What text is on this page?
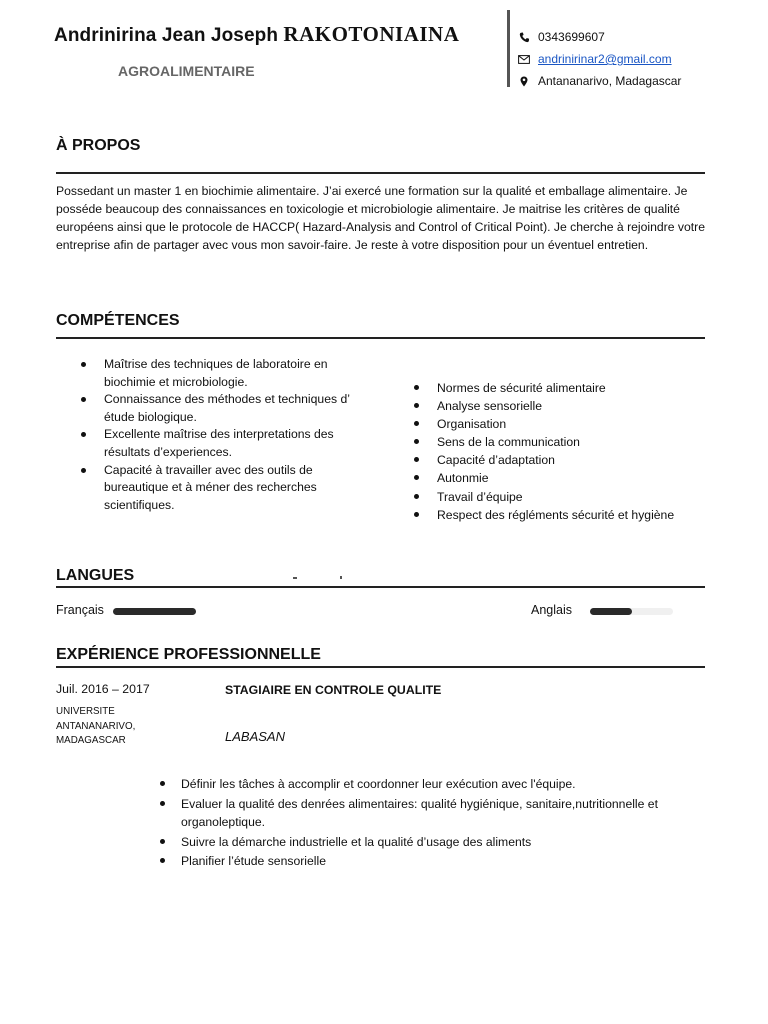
Andrinirina Jean Joseph RAKOTONIAINA
AGROALIMENTAIRE
0343699607
andrinirinar2@gmail.com
Antananarivo, Madagascar
À PROPOS
Possedant un master 1 en biochimie alimentaire. J’ai exercé une formation sur la qualité et emballage alimentaire. Je posséde beaucoup des connaissances en toxicologie et microbiologie alimentaire. Je maitrise les critères de qualité européens ainsi que le protocole de HACCP( Hazard-Analysis and Control of Critical Point). Je cherche à rejoindre votre entreprise afin de partager avec vous mon savoir-faire. Je reste à votre disposition pour un éventuel entretien.
COMPÉTENCES
Maîtrise des techniques de laboratoire en biochimie et microbiologie.
Connaissance des méthodes et techniques d’ étude biologique.
Excellente maîtrise des interpretations des résultats d’experiences.
Capacité à travailler avec des outils de bureautique et à méner des recherches scientifiques.
Normes de sécurité alimentaire
Analyse sensorielle
Organisation
Sens de la communication
Capacité d’adaptation
Autonmie
Travail d’équipe
Respect des régléments sécurité et hygiène
LANGUES
Français	Anglais
EXPÉRIENCE PROFESSIONNELLE
Juil. 2016 – 2017
UNIVERSITE
ANTANANARIVO,
MADAGASCAR
STAGIAIRE EN CONTROLE QUALITE
LABASAN
Définir les tâches à accomplir et coordonner leur exécution avec l'équipe.
Evaluer la qualité des denrées alimentaires: qualité hygiénique, sanitaire,nutritionnelle et organoleptique.
Suivre la démarche industrielle et la qualité d’usage des aliments
Planifier l’étude sensorielle
